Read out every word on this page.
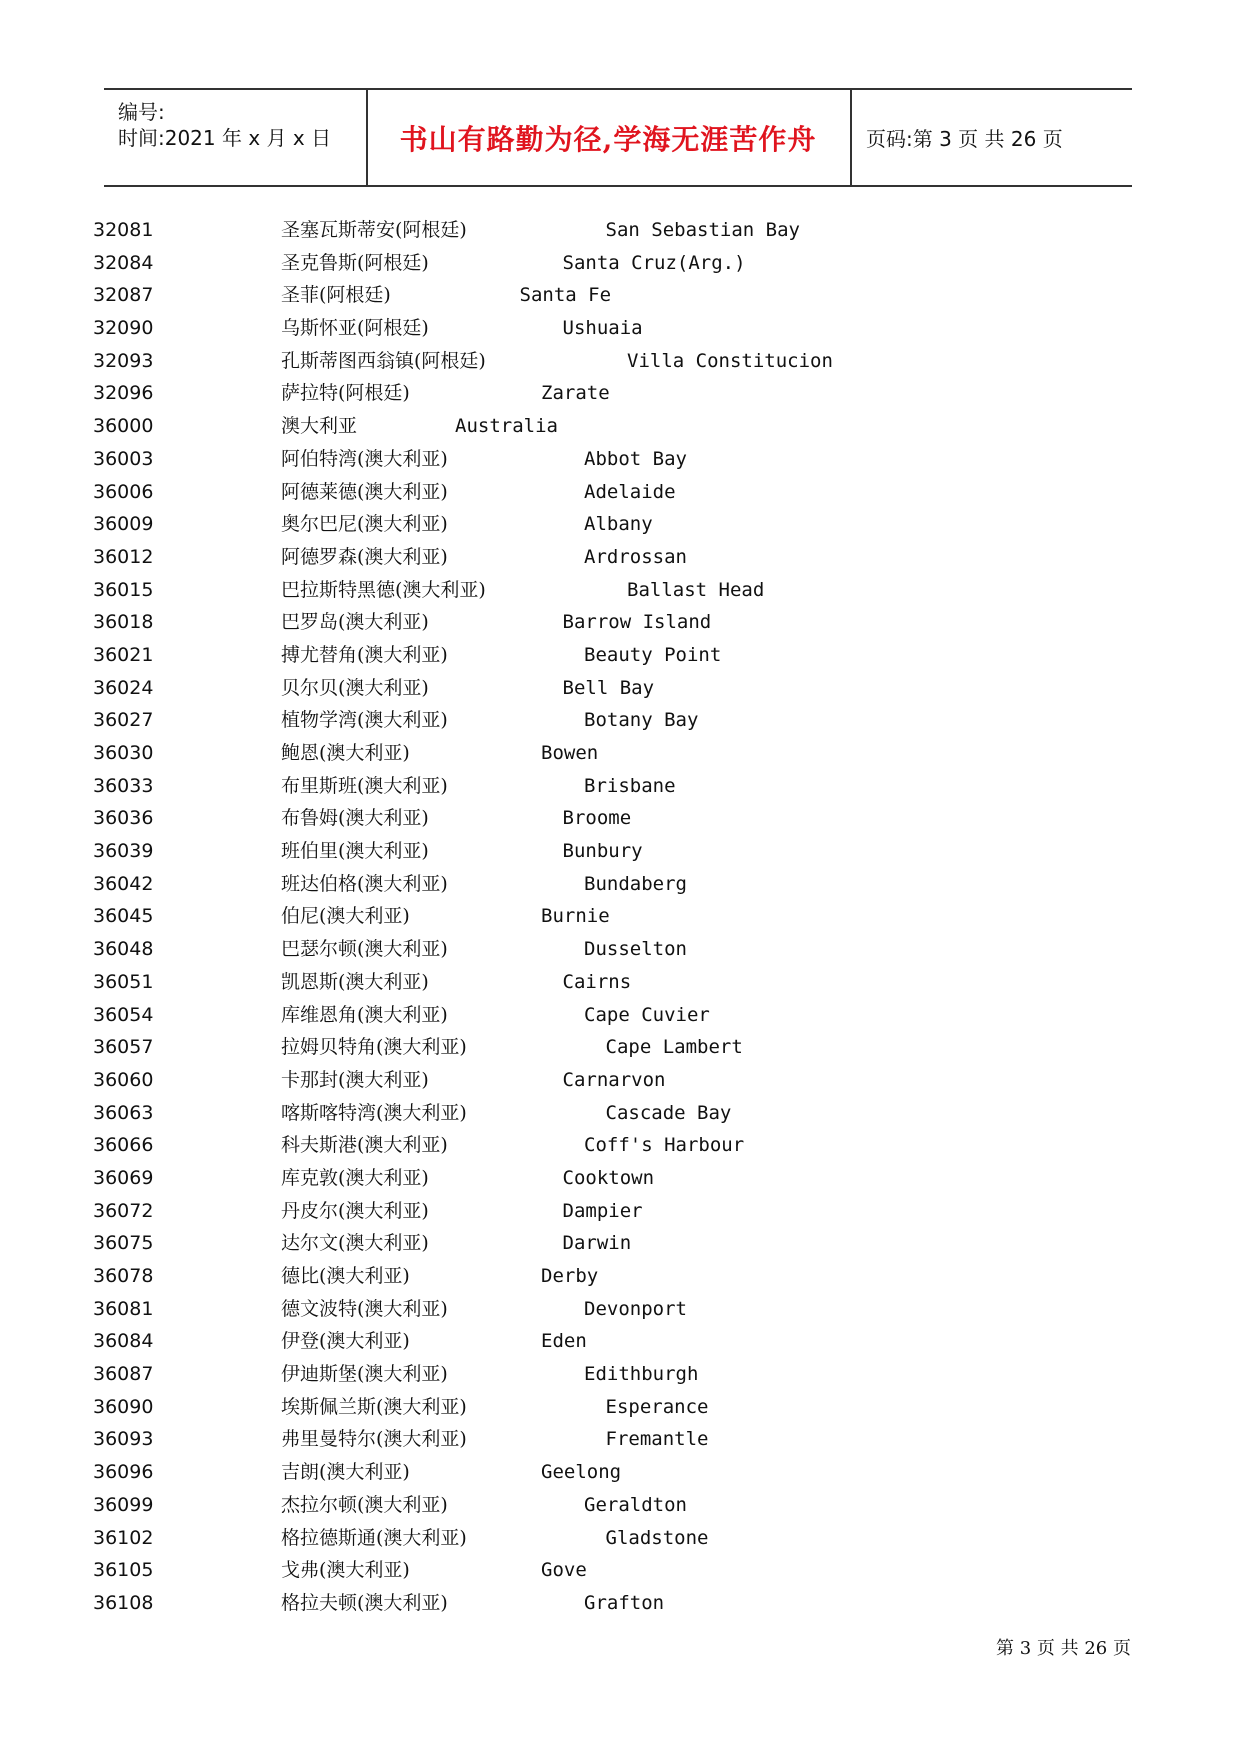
编号:
时间:2021 年 x 月 x 日 书山有路勤为径,学海无涯苦作舟 页码:第 3 页 共 26 页
32081	圣塞瓦斯蒂安(阿根廷)	San Sebastian Bay
32084	圣克鲁斯(阿根廷)	Santa Cruz(Arg.)
32087	圣菲(阿根廷)	Santa Fe
32090	乌斯怀亚(阿根廷)	Ushuaia
32093	孔斯蒂图西翁镇(阿根廷)	Villa Constitucion
32096	萨拉特(阿根廷)	Zarate
36000	澳大利亚	Australia
36003	阿伯特湾(澳大利亚)	Abbot Bay
36006	阿德莱德(澳大利亚)	Adelaide
36009	奥尔巴尼(澳大利亚)	Albany
36012	阿德罗森(澳大利亚)	Ardrossan
36015	巴拉斯特黑德(澳大利亚)	Ballast Head
36018	巴罗岛(澳大利亚)	Barrow Island
36021	搏尤替角(澳大利亚)	Beauty Point
36024	贝尔贝(澳大利亚)	Bell Bay
36027	植物学湾(澳大利亚)	Botany Bay
36030	鲍恩(澳大利亚)	Bowen
36033	布里斯班(澳大利亚)	Brisbane
36036	布鲁姆(澳大利亚)	Broome
36039	班伯里(澳大利亚)	Bunbury
36042	班达伯格(澳大利亚)	Bundaberg
36045	伯尼(澳大利亚)	Burnie
36048	巴瑟尔顿(澳大利亚)	Dusselton
36051	凯恩斯(澳大利亚)	Cairns
36054	库维恩角(澳大利亚)	Cape Cuvier
36057	拉姆贝特角(澳大利亚)	Cape Lambert
36060	卡那封(澳大利亚)	Carnarvon
36063	喀斯喀特湾(澳大利亚)	Cascade Bay
36066	科夫斯港(澳大利亚)	Coff's Harbour
36069	库克敦(澳大利亚)	Cooktown
36072	丹皮尔(澳大利亚)	Dampier
36075	达尔文(澳大利亚)	Darwin
36078	德比(澳大利亚)	Derby
36081	德文波特(澳大利亚)	Devonport
36084	伊登(澳大利亚)	Eden
36087	伊迪斯堡(澳大利亚)	Edithburgh
36090	埃斯佩兰斯(澳大利亚)	Esperance
36093	弗里曼特尔(澳大利亚)	Fremantle
36096	吉朗(澳大利亚)	Geelong
36099	杰拉尔顿(澳大利亚)	Geraldton
36102	格拉德斯通(澳大利亚)	Gladstone
36105	戈弗(澳大利亚)	Gove
36108	格拉夫顿(澳大利亚)	Grafton
第 3 页 共 26 页
